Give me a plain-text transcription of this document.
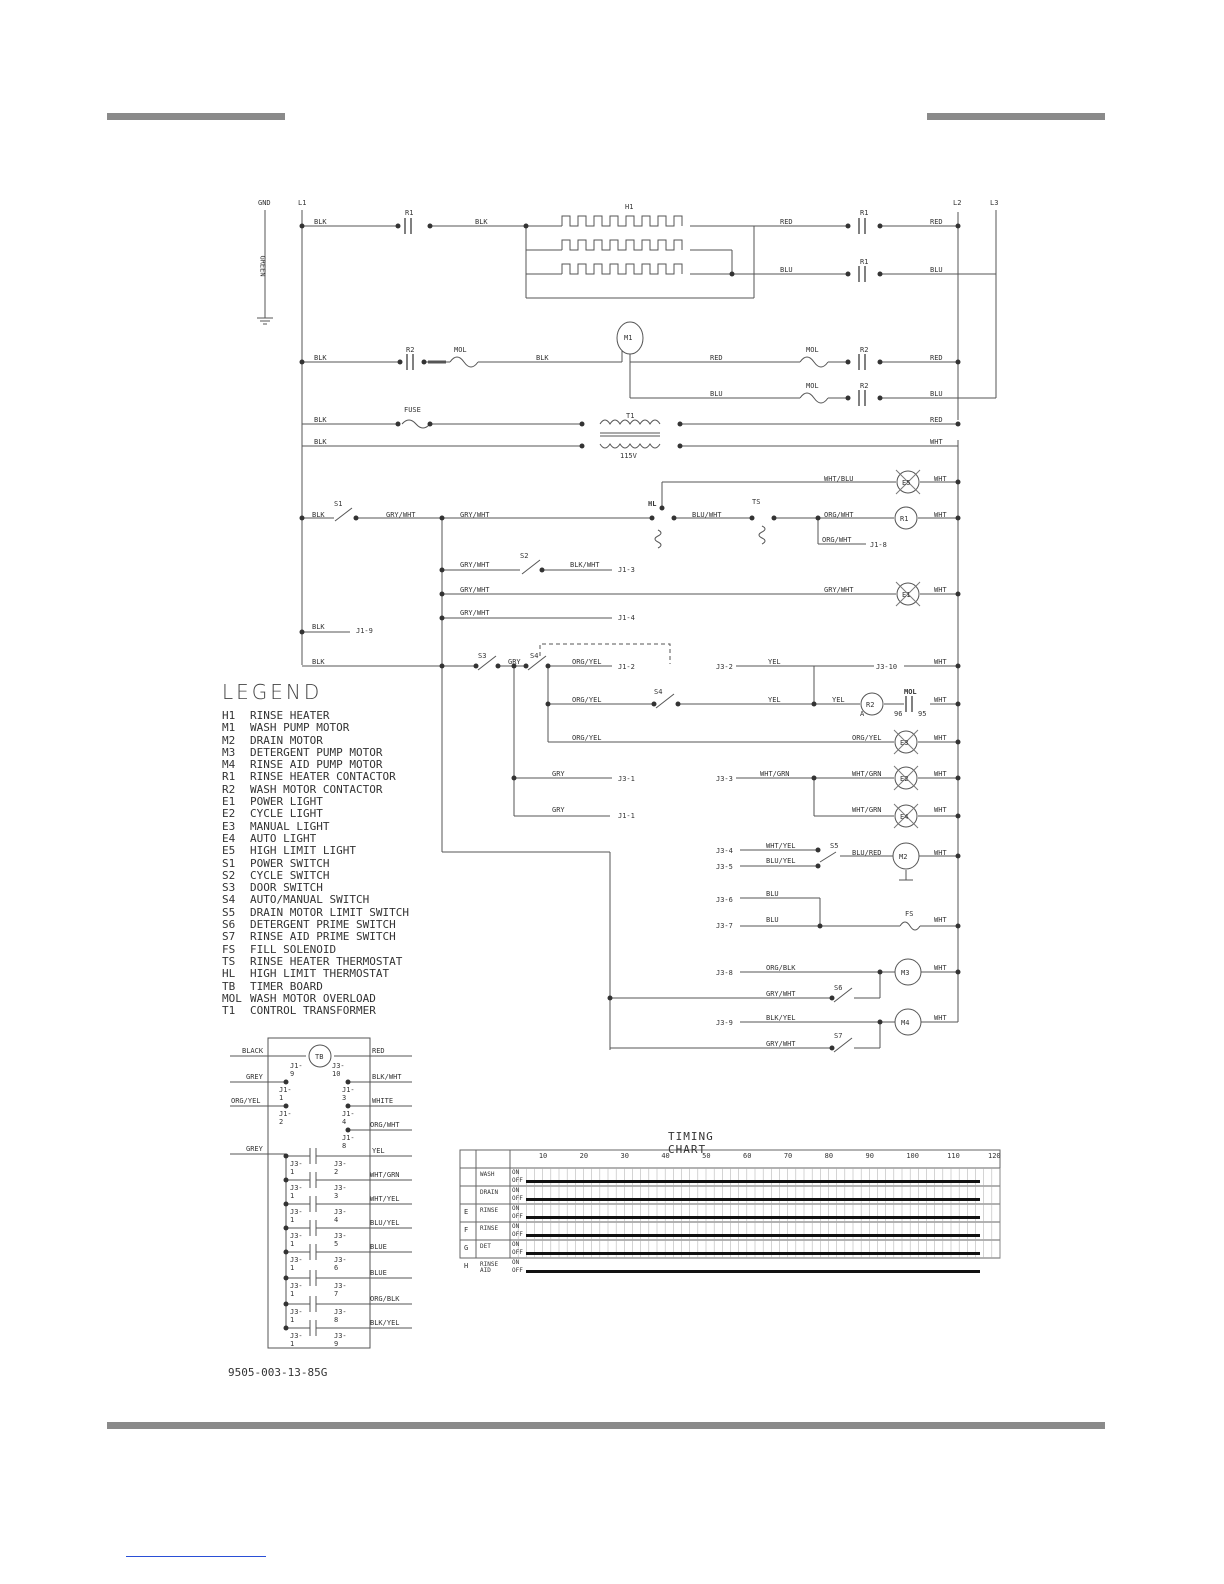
GND	L1	L2	L3
GREEN
BLK
R1
BLK
H1
RED
R1
RED
BLU
R1
BLU
BLK
R2	MOL
BLK
M1
RED
MOL	R2
RED
BLU
MOL	R2
BLU
BLK
FUSE
T1	RED
BLK
115V
WHT
WHT/BLU	E5	WHT
BLK
S1
GRY/WHT	GRY/WHT
HL
BLU/WHT
TS
ORG/WHT	R1	WHT
ORG/WHT
J1-8
GRY/WHT
S2
BLK/WHT
J1-3
GRY/WHT	GRY/WHT
E1
WHT
GRY/WHT
J1-4
BLK	J1-9
BLK
S3
GRY
S4
ORG/YEL
J1-2	J3-2
YEL
J3-10
WHT
ORG/YEL
S4
YEL	YEL
R2
MOL
WHT
A	96 95
ORG/YEL	ORG/YEL
E3
WHT
GRY
J3-1	J3-3
WHT/GRN	WHT/GRN
E2
WHT
GRY
J1-1
WHT/GRN
E4
WHT
J3-4
WHT/YEL	S5
BLU/RED M2	WHT
J3-5
BLU/YEL
J3-6
BLU
J3-7
BLU
FS
WHT
J3-8
ORG/BLK
M3
WHT
GRY/WHT
S6
J3-9
BLK/YEL
M4
WHT
GRY/WHT
S7
LEGEND
H1 RINSE HEATER
M1 WASH PUMP MOTOR
M2 DRAIN MOTOR
M3 DETERGENT PUMP MOTOR
M4 RINSE AID PUMP MOTOR
R1 RINSE HEATER CONTACTOR
R2 WASH MOTOR CONTACTOR
E1 POWER LIGHT
E2 CYCLE LIGHT
E3 MANUAL LIGHT
E4 AUTO LIGHT
E5 HIGH LIMIT LIGHT
S1 POWER SWITCH
S2 CYCLE SWITCH
S3 DOOR SWITCH
S4 AUTO/MANUAL SWITCH
S5 DRAIN MOTOR LIMIT SWITCH
S6 DETERGENT PRIME SWITCH
S7 RINSE AID PRIME SWITCH
FS FILL SOLENOID
TS RINSE HEATER THERMOSTAT
HL HIGH LIMIT THERMOSTAT
TB TIMER BOARD
MOL WASH MOTOR OVERLOAD
T1 CONTROL TRANSFORMER
TB
BLACK
GREY
ORG/YEL
GREY
J1-9
J3-10
J1-1
J1-3
J1-2
J1-4
J1-8
RED
BLK/WHT
WHITE
ORG/WHT
YEL
WHT/GRN
WHT/YEL
BLU/YEL
BLUE
BLUE
ORG/BLK
BLK/YEL
J3-1
J3-2
J3-1
J3-3
J3-1
J3-4
J3-1
J3-5
J3-1
J3-6
J3-1
J3-7
J3-1
J3-8
J3-1
J3-9
TIMING CHART
10	20	30	40	50	60	70	80	90	100	110	120
WASH	ON
OFF
DRAIN	ON
OFF
E RINSE	ON
OFF
F RINSE	ON
OFF
G DET	ON
OFF
H RINSE AID
ON
OFF
9505-003-13-85G
